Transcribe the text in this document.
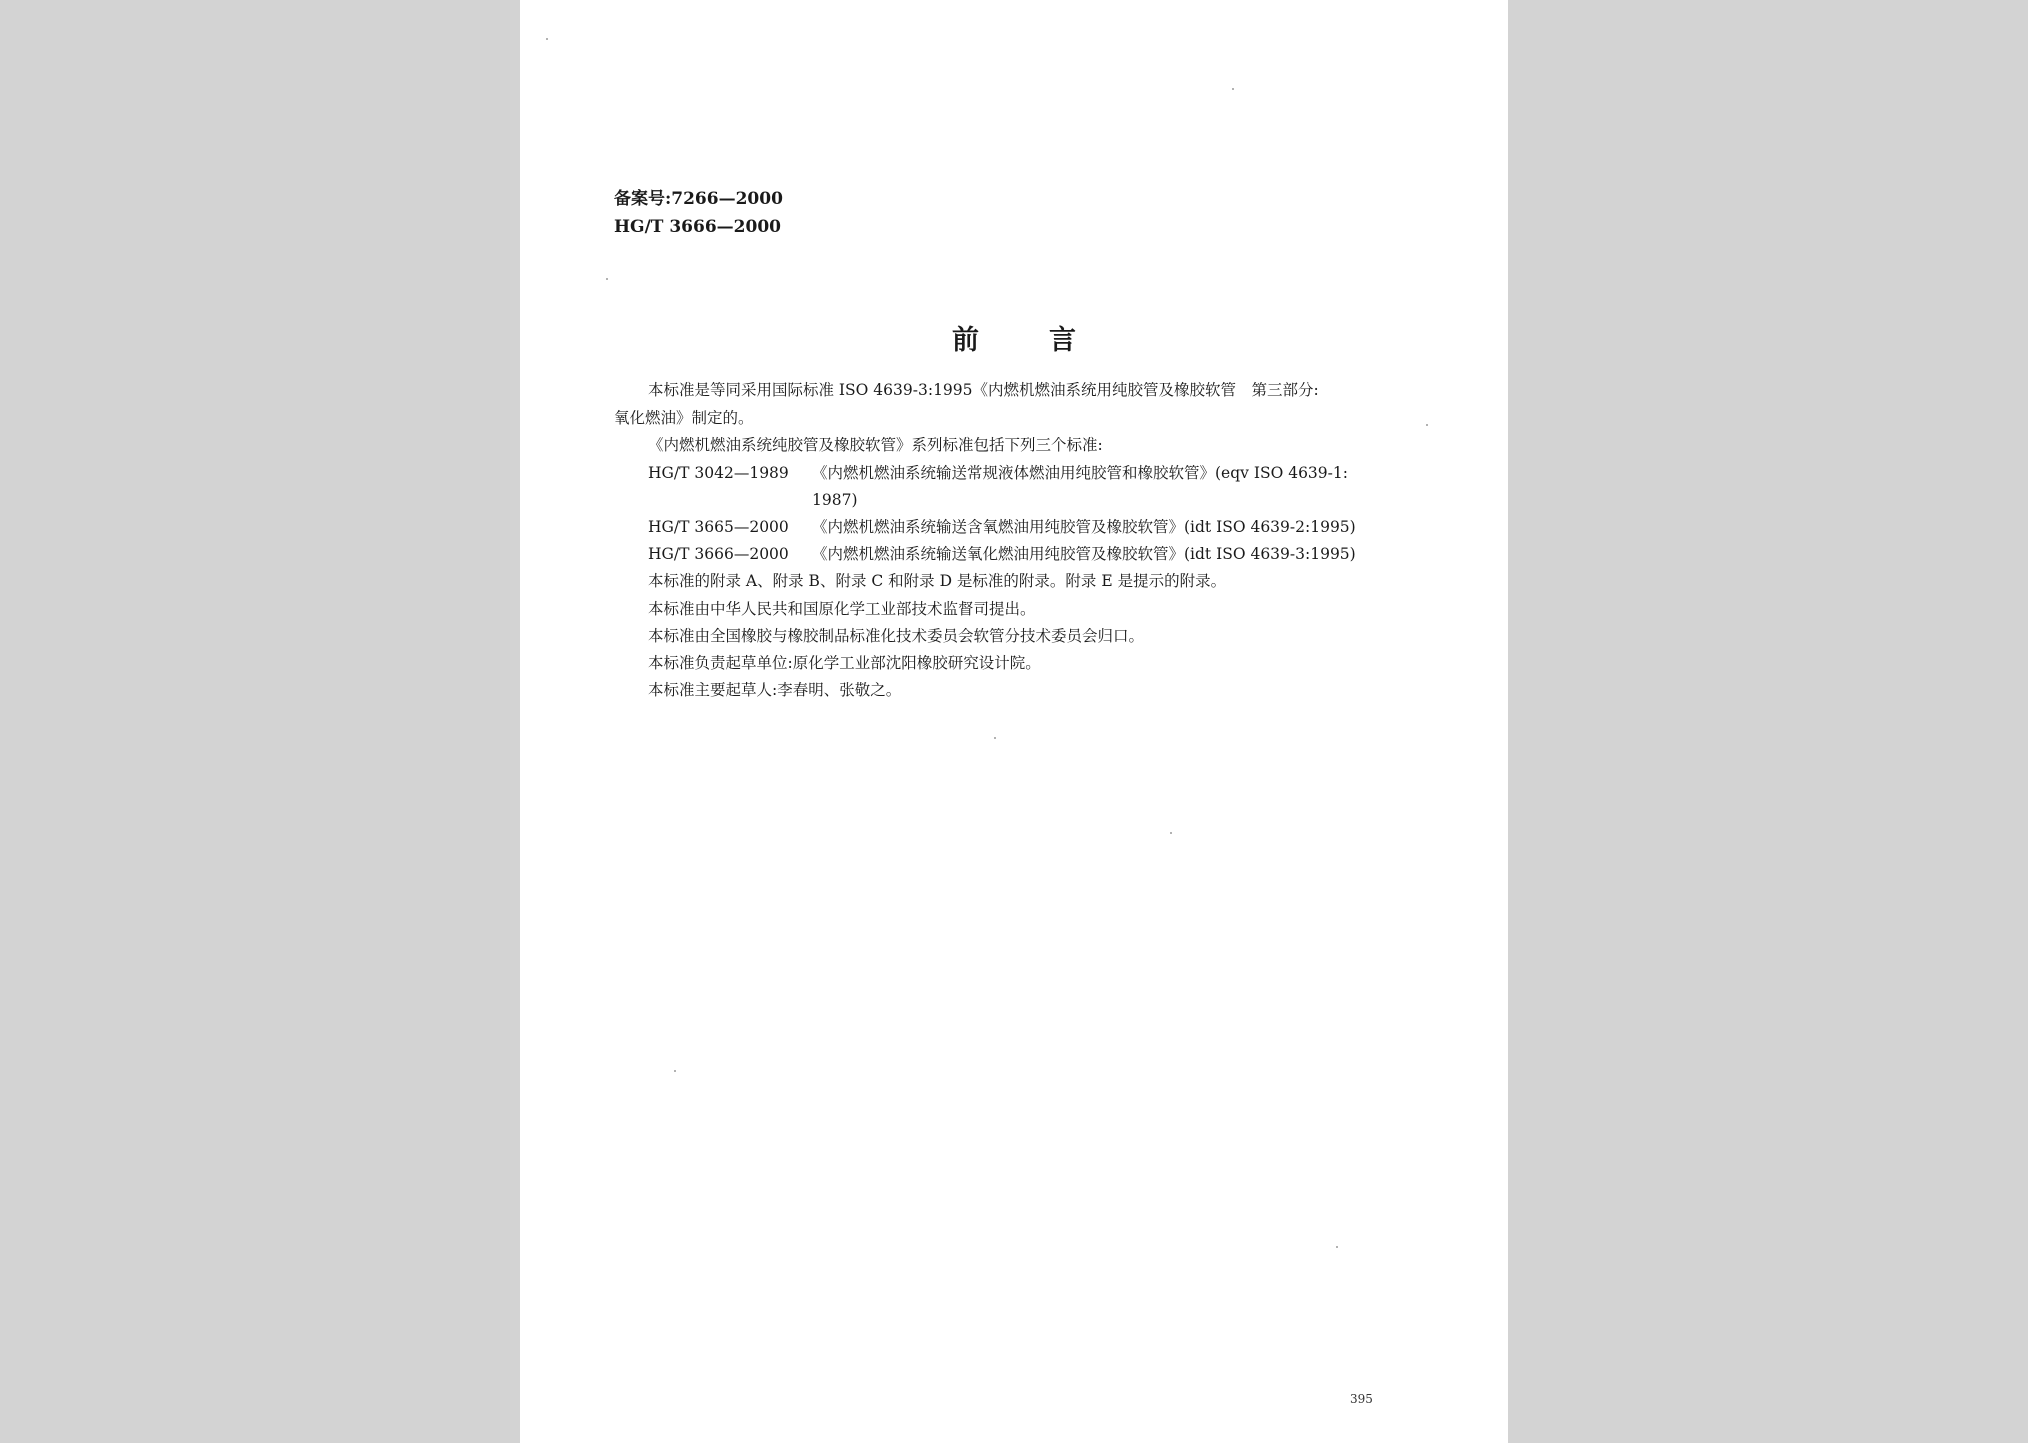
备案号:7266—2000
HG/T 3666—2000
前	言
本标准是等同采用国际标准 ISO 4639-3:1995《内燃机燃油系统用纯胶管及橡胶软管　第三部分:
氧化燃油》制定的。
《内燃机燃油系统纯胶管及橡胶软管》系列标准包括下列三个标准:
HG/T 3042—1989 《内燃机燃油系统输送常规液体燃油用纯胶管和橡胶软管》(eqv ISO 4639-1:
1987)
HG/T 3665—2000 《内燃机燃油系统输送含氧燃油用纯胶管及橡胶软管》(idt ISO 4639-2:1995)
HG/T 3666—2000 《内燃机燃油系统输送氧化燃油用纯胶管及橡胶软管》(idt ISO 4639-3:1995)
本标准的附录 A、附录 B、附录 C 和附录 D 是标准的附录。附录 E 是提示的附录。
本标准由中华人民共和国原化学工业部技术监督司提出。
本标准由全国橡胶与橡胶制品标准化技术委员会软管分技术委员会归口。
本标准负责起草单位:原化学工业部沈阳橡胶研究设计院。
本标准主要起草人:李春明、张敬之。
395
